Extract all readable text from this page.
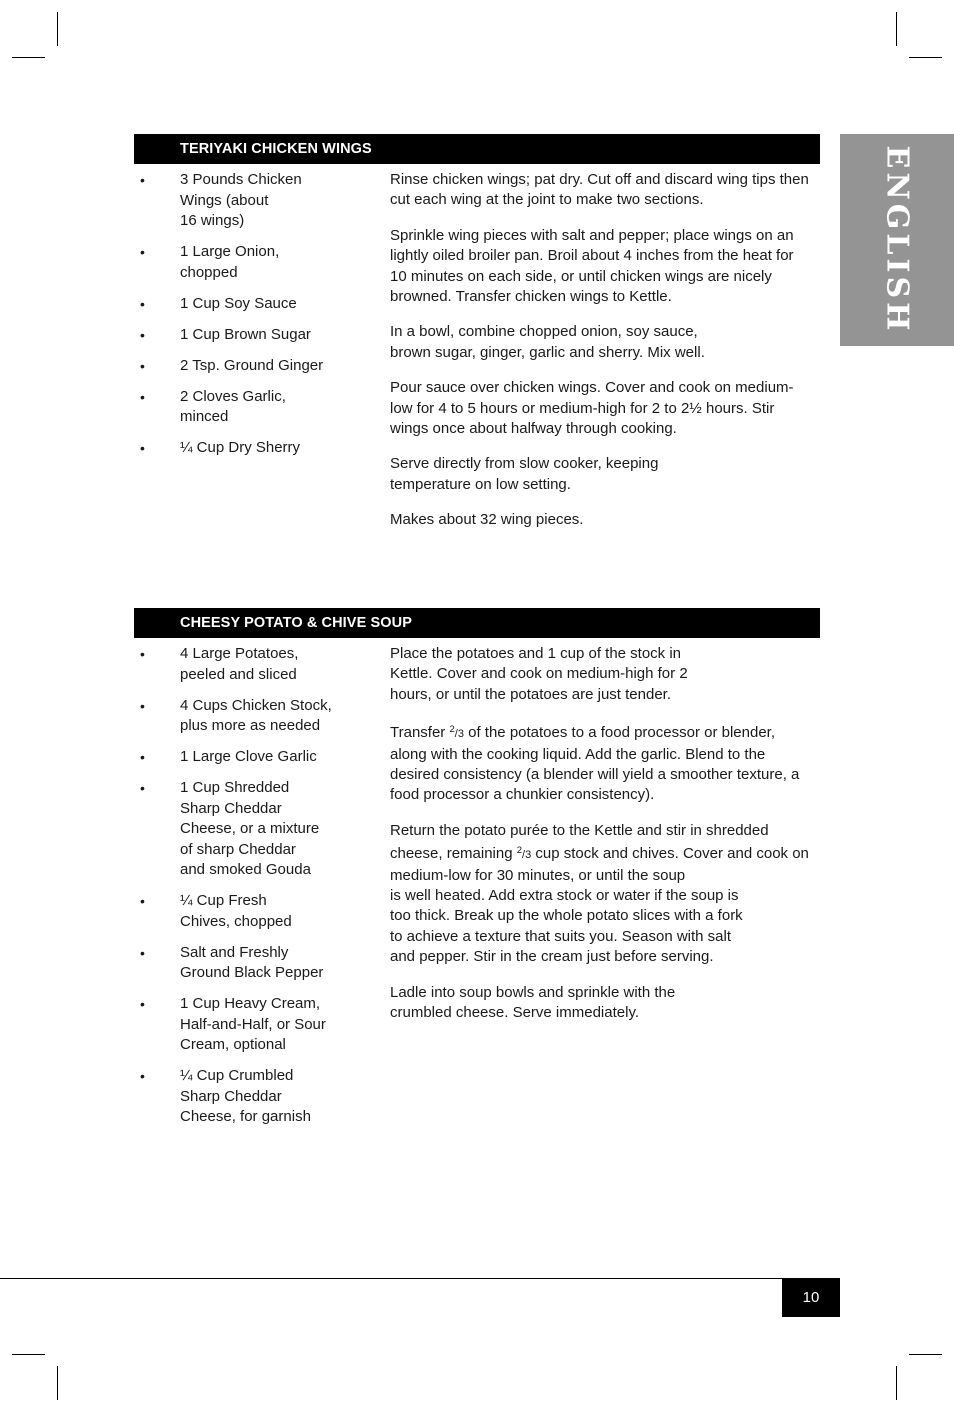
ENGLISH
TERIYAKI CHICKEN WINGS
• 3 Pounds Chicken
Wings (about
16 wings)
• 1 Large Onion,
chopped
• 1 Cup Soy Sauce
• 1 Cup Brown Sugar
• 2 Tsp. Ground Ginger
• 2 Cloves Garlic,
minced
• ¼ Cup Dry Sherry

Rinse chicken wings; pat dry. Cut off and discard wing tips then cut each wing at the joint to make two sections.

Sprinkle wing pieces with salt and pepper; place wings on an lightly oiled broiler pan. Broil about 4 inches from the heat for 10 minutes on each side, or until chicken wings are nicely browned. Transfer chicken wings to Kettle.

In a bowl, combine chopped onion, soy sauce,
brown sugar, ginger, garlic and sherry. Mix well.

Pour sauce over chicken wings. Cover and cook on medium-low for 4 to 5 hours or medium-high for 2 to 2½ hours. Stir wings once about halfway through cooking.

Serve directly from slow cooker, keeping
temperature on low setting.

Makes about 32 wing pieces.

CHEESY POTATO & CHIVE SOUP
• 4 Large Potatoes,
peeled and sliced
• 4 Cups Chicken Stock,
plus more as needed
• 1 Large Clove Garlic
• 1 Cup Shredded
Sharp Cheddar
Cheese, or a mixture
of sharp Cheddar
and smoked Gouda
• ¼ Cup Fresh
Chives, chopped
• Salt and Freshly
Ground Black Pepper
• 1 Cup Heavy Cream,
Half-and-Half, or Sour
Cream, optional
• ¼ Cup Crumbled
Sharp Cheddar
Cheese, for garnish

Place the potatoes and 1 cup of the stock in
Kettle. Cover and cook on medium-high for 2
hours, or until the potatoes are just tender.

Transfer $^2$/3 of the potatoes to a food processor or blender, along with the cooking liquid. Add the garlic. Blend to the desired consistency (a blender will yield a smoother texture, a food processor a chunkier consistency).

Return the potato purée to the Kettle and stir in shredded cheese, remaining $^2$/3 cup stock and chives. Cover and cook on medium-low for 30 minutes, or until the soup
is well heated. Add extra stock or water if the soup is
too thick. Break up the whole potato slices with a fork
to achieve a texture that suits you. Season with salt
and pepper. Stir in the cream just before serving.

Ladle into soup bowls and sprinkle with the
crumbled cheese. Serve immediately.

10
